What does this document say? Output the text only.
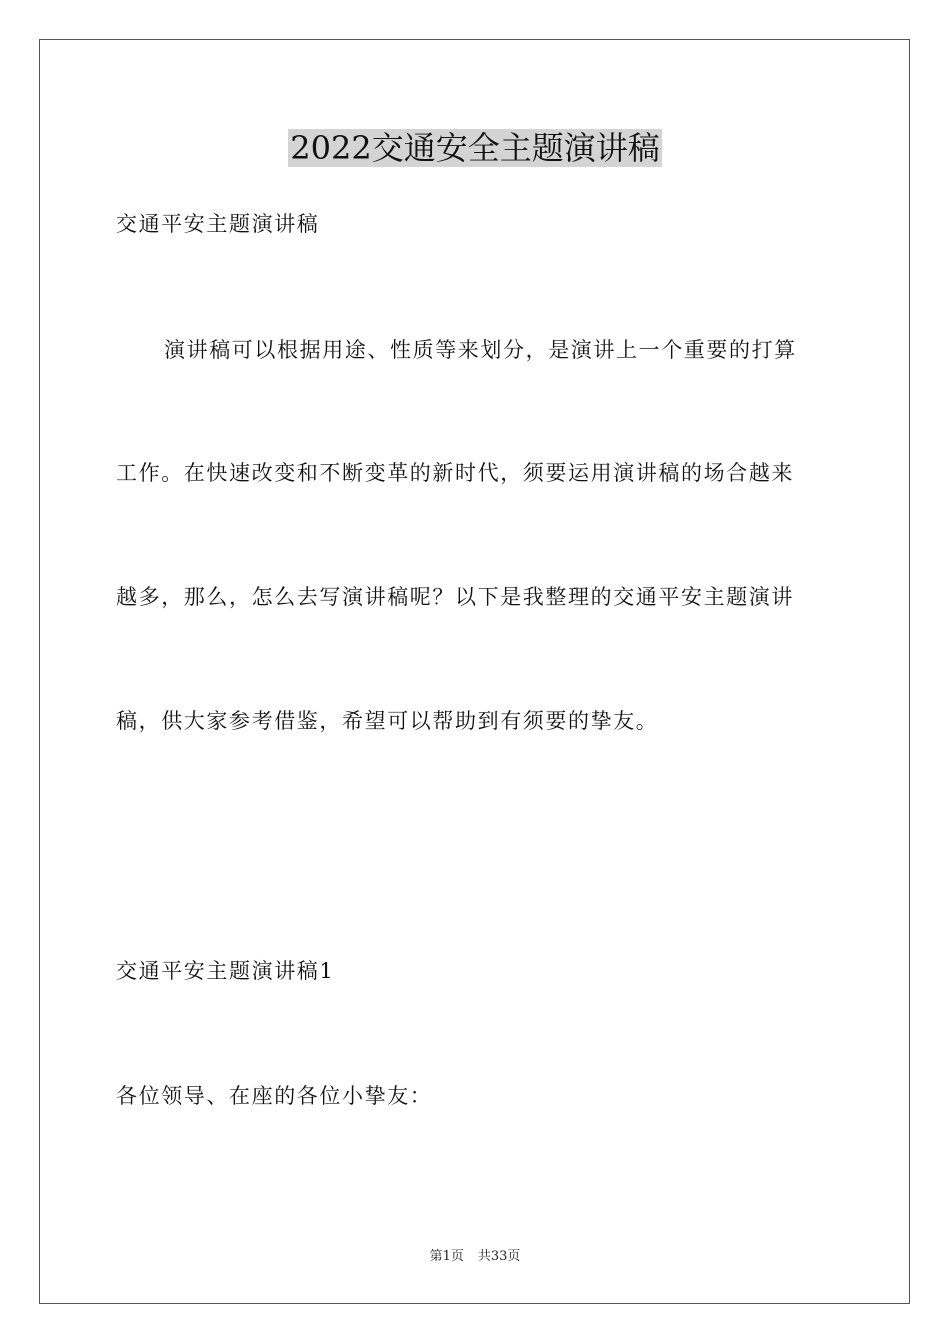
2022交通安全主题演讲稿
交通平安主题演讲稿
演讲稿可以根据用途、性质等来划分，是演讲上一个重要的打算
工作。在快速改变和不断变革的新时代，须要运用演讲稿的场合越来
越多，那么，怎么去写演讲稿呢？以下是我整理的交通平安主题演讲
稿，供大家参考借鉴，希望可以帮助到有须要的挚友。
交通平安主题演讲稿1
各位领导、在座的各位小挚友：
第1页 共33页
